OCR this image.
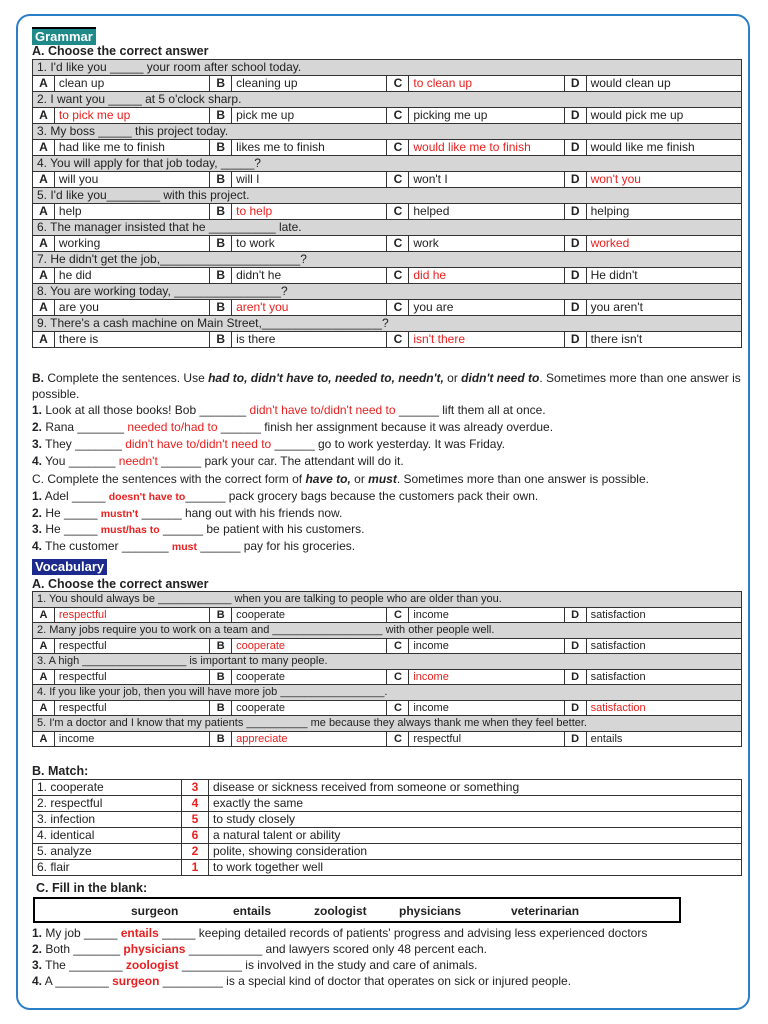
Grammar
A. Choose the correct answer
1. I'd like you _____ your room after school today.							
A	clean up	B	cleaning up	C	to clean up	D	would clean up
2. I want you _____ at 5 o'clock sharp.							
A	to pick me up	B	pick me up	C	picking me up	D	would pick me up
3. My boss _____ this project today.							
A	had like me to finish	B	likes me to finish	C	would like me to finish	D	would like me finish
4. You will apply for that job today, _____?							
A	will you	B	will I	C	won't I	D	won't you
5. I'd like you________ with this project.							
A	help	B	to help	C	helped	D	helping
6. The manager insisted that he __________ late.							
A	working	B	to work	C	work	D	worked
7. He didn't get the job,_____________________?							
A	he did	B	didn't he	C	did he	D	He didn't
8. You are working today, ________________?							
A	are you	B	aren't you	C	you are	D	you aren't
9. There's a cash machine on Main Street,__________________?							
A	there is	B	is there	C	isn't there	D	there isn't
B. Complete the sentences. Use had to, didn't have to, needed to, needn't, or didn't need to. Sometimes more than one answer is possible.
1. Look at all those books! Bob _______ didn't have to/didn't need to ______ lift them all at once.
2. Rana _______ needed to/had to ______ finish her assignment because it was already overdue.
3. They _______ didn't have to/didn't need to ______ go to work yesterday. It was Friday.
4. You _______ needn't ______ park your car. The attendant will do it.
C. Complete the sentences with the correct form of have to, or must. Sometimes more than one answer is possible.
1. Adel _____ doesn't have to______ pack grocery bags because the customers pack their own.
2. He _____ mustn't ______ hang out with his friends now.
3. He _____ must/has to ______ be patient with his customers.
4. The customer _______ must ______ pay for his groceries.
Vocabulary
A. Choose the correct answer
1. You should always be ____________ when you are talking to people who are older than you.							
A	respectful	B	cooperate	C	income	D	satisfaction
2. Many jobs require you to work on a team and __________________ with other people well.							
A	respectful	B	cooperate	C	income	D	satisfaction
3. A high _________________ is important to many people.							
A	respectful	B	cooperate	C	income	D	satisfaction
4. If you like your job, then you will have more job _________________.							
A	respectful	B	cooperate	C	income	D	satisfaction
5. I'm a doctor and I know that my patients __________ me because they always thank me when they feel better.							
A	income	B	appreciate	C	respectful	D	entails
B. Match:
1. cooperate	3	disease or sickness received from someone or something
2. respectful	4	exactly the same
3. infection	5	to study closely
4. identical	6	a natural talent or ability
5. analyze	2	polite, showing consideration
6. flair	1	to work together well
C. Fill in the blank:
surgeon	entails	zoologist	physicians	veterinarian
1. My job _____ entails _____ keeping detailed records of patients' progress and advising less experienced doctors
2. Both _______ physicians ___________ and lawyers scored only 48 percent each.
3. The ________ zoologist _________ is involved in the study and care of animals.
4. A ________ surgeon _________ is a special kind of doctor that operates on sick or injured people.
